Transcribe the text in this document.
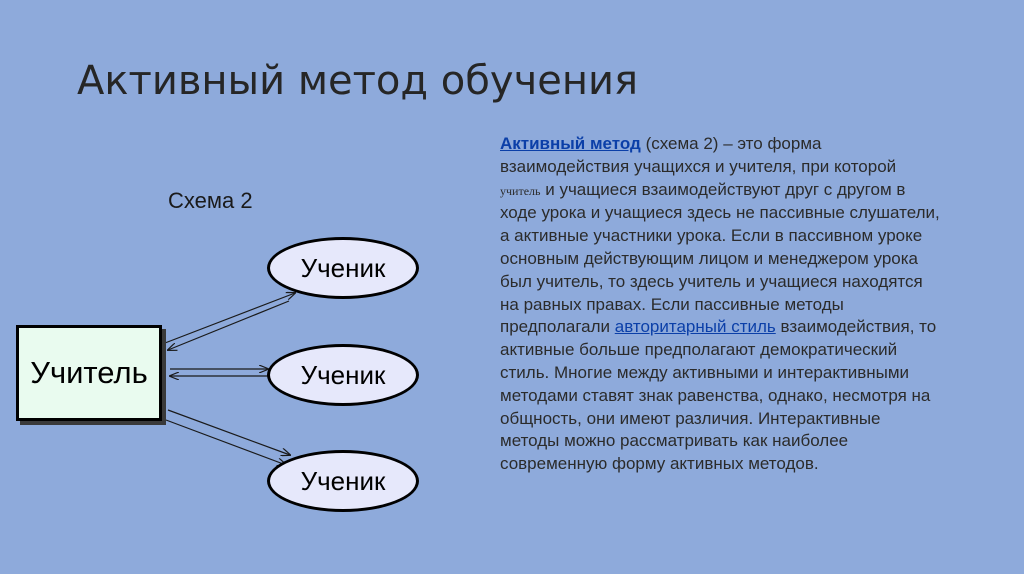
Активный метод обучения
Схема 2
Учитель
Ученик
Ученик
Ученик
Активный метод (схема 2) – это форма взаимодействия учащихся и учителя, при которой учитель и учащиеся взаимодействуют друг с другом в ходе урока и учащиеся здесь не пассивные слушатели, а активные участники урока. Если в пассивном уроке основным действующим лицом и менеджером урока был учитель, то здесь учитель и учащиеся находятся на равных правах. Если пассивные методы предполагали авторитарный стиль взаимодействия, то активные больше предполагают демократический стиль. Многие между активными и интерактивными методами ставят знак равенства, однако, несмотря на общность, они имеют различия. Интерактивные методы можно рассматривать как наиболее современную форму активных методов.
